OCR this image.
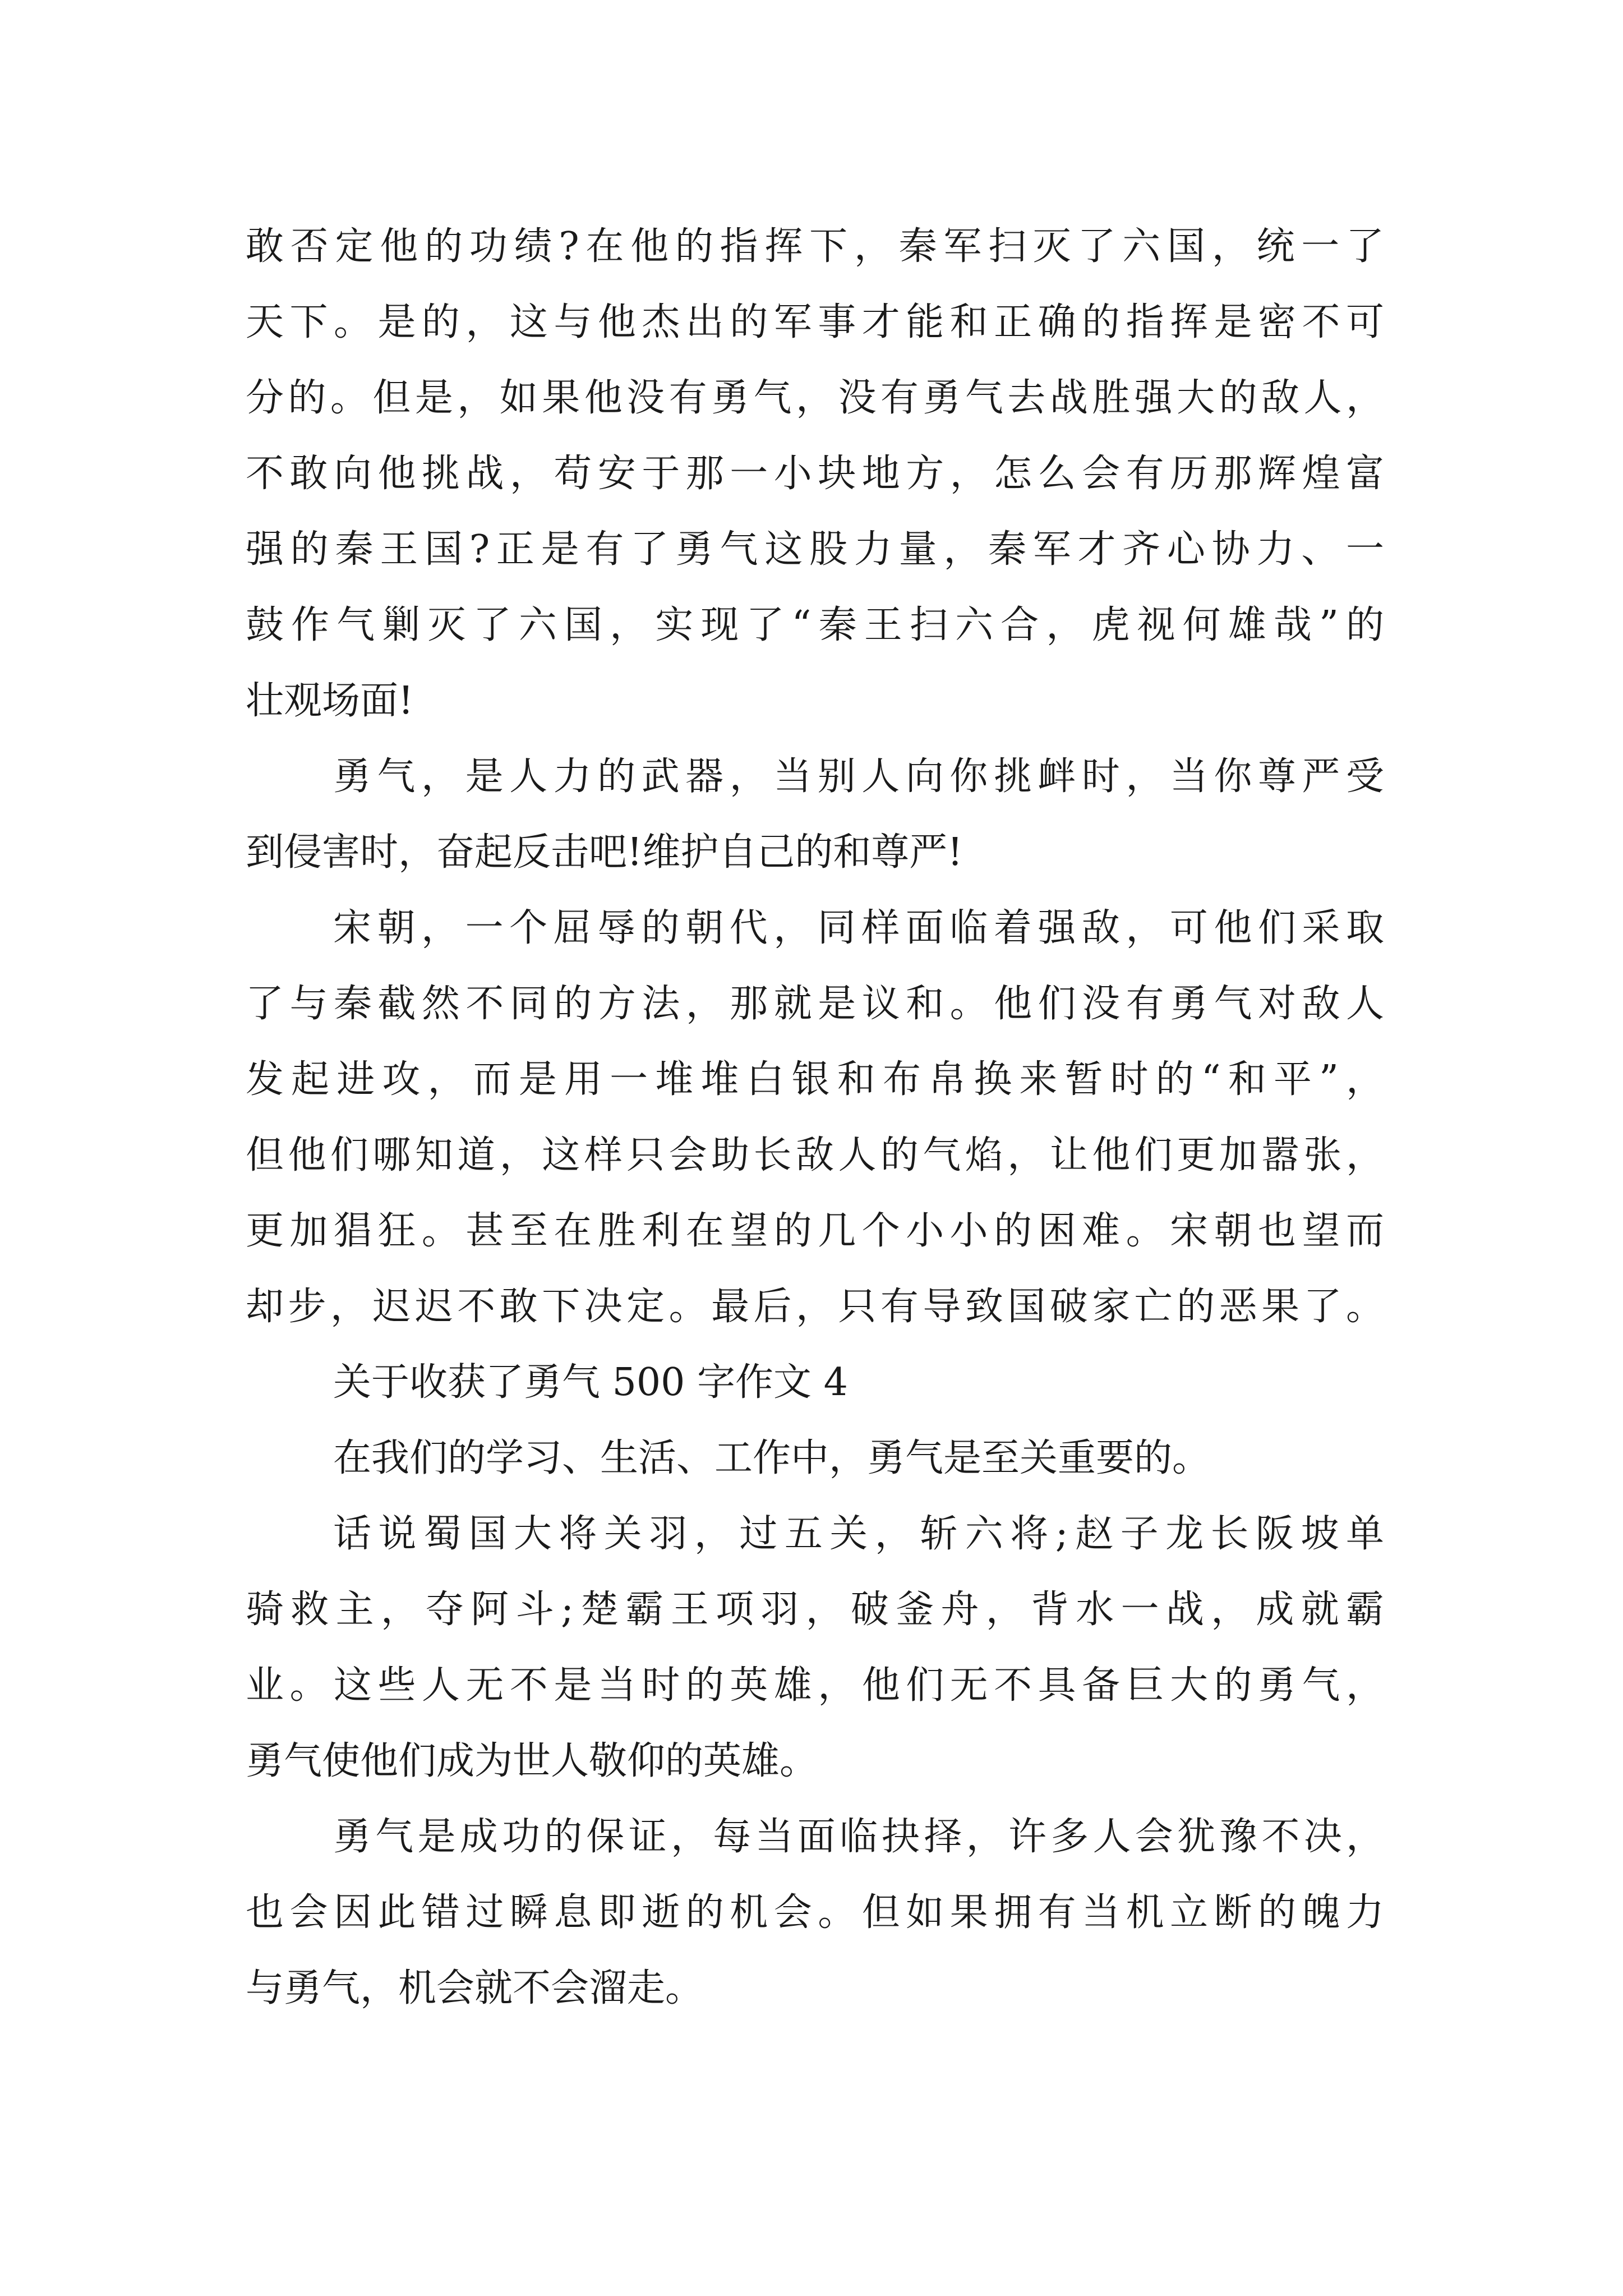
敢否定他的功绩?在他的指挥下，秦军扫灭了六国，统一了
天下。是的，这与他杰出的军事才能和正确的指挥是密不可
分的。但是，如果他没有勇气，没有勇气去战胜强大的敌人，
不敢向他挑战，苟安于那一小块地方，怎么会有历那辉煌富
强的秦王国?正是有了勇气这股力量，秦军才齐心协力、一
鼓作气剿灭了六国，实现了“秦王扫六合，虎视何雄哉”的
壮观场面!
勇气，是人力的武器，当别人向你挑衅时，当你尊严受
到侵害时，奋起反击吧!维护自己的和尊严!
宋朝，一个屈辱的朝代，同样面临着强敌，可他们采取
了与秦截然不同的方法，那就是议和。他们没有勇气对敌人
发起进攻，而是用一堆堆白银和布帛换来暂时的“和平”，
但他们哪知道，这样只会助长敌人的气焰，让他们更加嚣张，
更加猖狂。甚至在胜利在望的几个小小的困难。宋朝也望而
却步，迟迟不敢下决定。最后，只有导致国破家亡的恶果了。
关于收获了勇气 500 字作文 4
在我们的学习、生活、工作中，勇气是至关重要的。
话说蜀国大将关羽，过五关，斩六将;赵子龙长阪坡单
骑救主，夺阿斗;楚霸王项羽，破釜舟，背水一战，成就霸
业。这些人无不是当时的英雄，他们无不具备巨大的勇气，
勇气使他们成为世人敬仰的英雄。
勇气是成功的保证，每当面临抉择，许多人会犹豫不决，
也会因此错过瞬息即逝的机会。但如果拥有当机立断的魄力
与勇气，机会就不会溜走。
